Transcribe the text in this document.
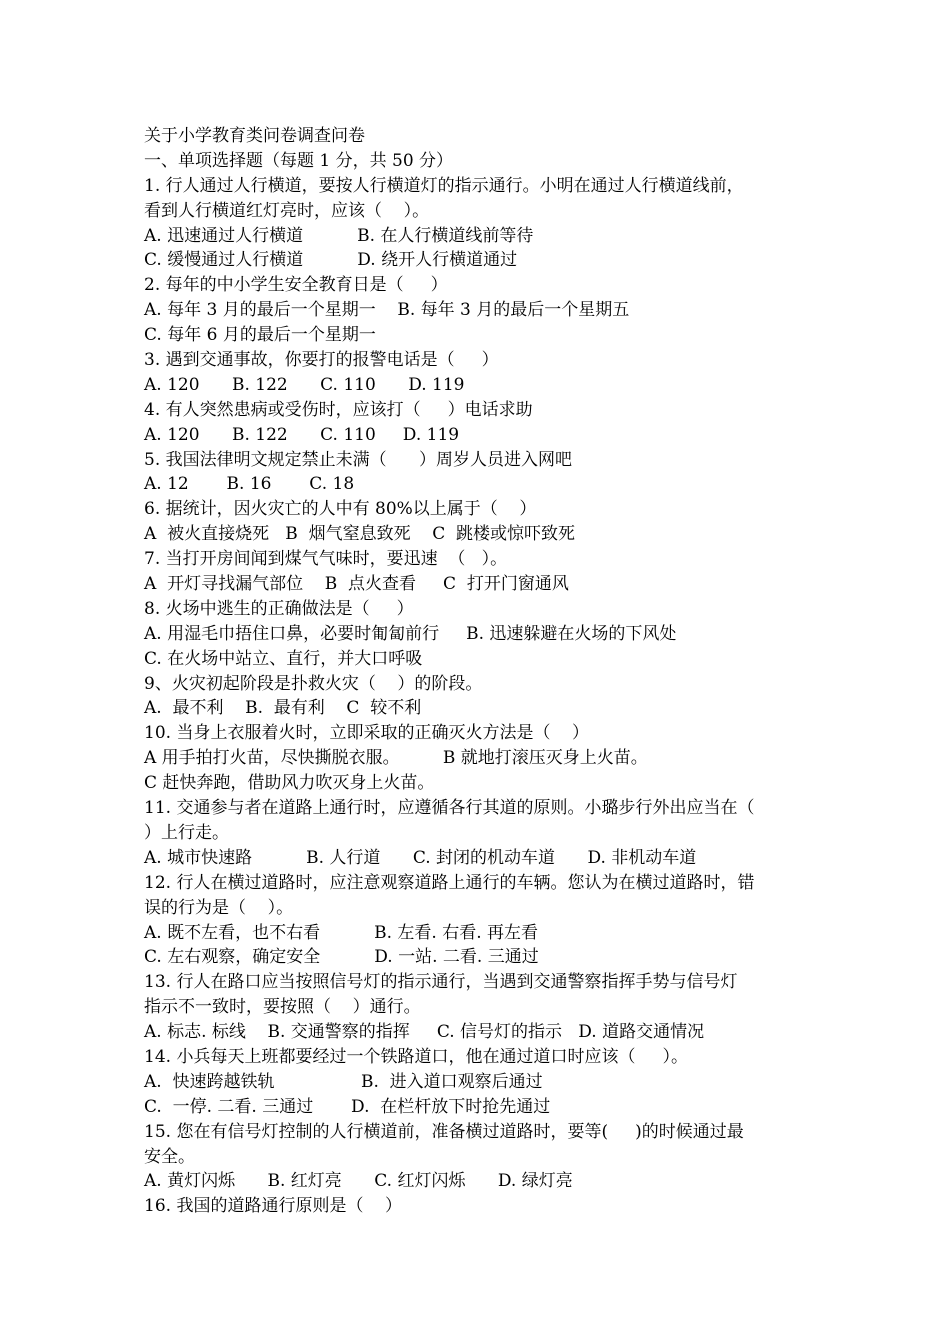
关于小学教育类问卷调查问卷
一、单项选择题（每题 1 分，共 50 分）
1. 行人通过人行横道，要按人行横道灯的指示通行。小明在通过人行横道线前，
看到人行横道红灯亮时，应该（    ）。
A. 迅速通过人行横道          B. 在人行横道线前等待
C. 缓慢通过人行横道          D. 绕开人行横道通过
2. 每年的中小学生安全教育日是（     ）
A. 每年 3 月的最后一个星期一    B. 每年 3 月的最后一个星期五
C. 每年 6 月的最后一个星期一
3. 遇到交通事故，你要打的报警电话是（     ）
A. 120      B. 122      C. 110      D. 119
4. 有人突然患病或受伤时，应该打（     ）电话求助
A. 120      B. 122      C. 110     D. 119
5. 我国法律明文规定禁止未满（      ）周岁人员进入网吧
A. 12       B. 16       C. 18
6. 据统计，因火灾亡的人中有 80%以上属于（    ）
A  被火直接烧死   B  烟气窒息致死    C  跳楼或惊吓致死
7. 当打开房间闻到煤气气味时，要迅速  （   ）。
A  开灯寻找漏气部位    B  点火查看     C  打开门窗通风
8. 火场中逃生的正确做法是（     ）
A. 用湿毛巾捂住口鼻，必要时匍匐前行     B. 迅速躲避在火场的下风处
C. 在火场中站立、直行，并大口呼吸
9、火灾初起阶段是扑救火灾（    ）的阶段。
A.  最不利    B.  最有利    C  较不利
10. 当身上衣服着火时，立即采取的正确灭火方法是（    ）
A 用手拍打火苗，尽快撕脱衣服。        B 就地打滚压灭身上火苗。
C 赶快奔跑，借助风力吹灭身上火苗。
11. 交通参与者在道路上通行时，应遵循各行其道的原则。小璐步行外出应当在（
）上行走。
A. 城市快速路          B. 人行道      C. 封闭的机动车道      D. 非机动车道
12. 行人在横过道路时，应注意观察道路上通行的车辆。您认为在横过道路时，错
误的行为是（    ）。
A. 既不左看，也不右看          B. 左看. 右看. 再左看
C. 左右观察，确定安全          D. 一站. 二看. 三通过
13. 行人在路口应当按照信号灯的指示通行，当遇到交通警察指挥手势与信号灯
指示不一致时，要按照（    ）通行。
A. 标志. 标线    B. 交通警察的指挥     C. 信号灯的指示   D. 道路交通情况
14. 小兵每天上班都要经过一个铁路道口，他在通过道口时应该（     ）。
A.  快速跨越铁轨                B.  进入道口观察后通过
C.  一停. 二看. 三通过       D.  在栏杆放下时抢先通过
15. 您在有信号灯控制的人行横道前，准备横过道路时，要等(     )的时候通过最
安全。
A. 黄灯闪烁      B. 红灯亮      C. 红灯闪烁      D. 绿灯亮
16. 我国的道路通行原则是（    ）
